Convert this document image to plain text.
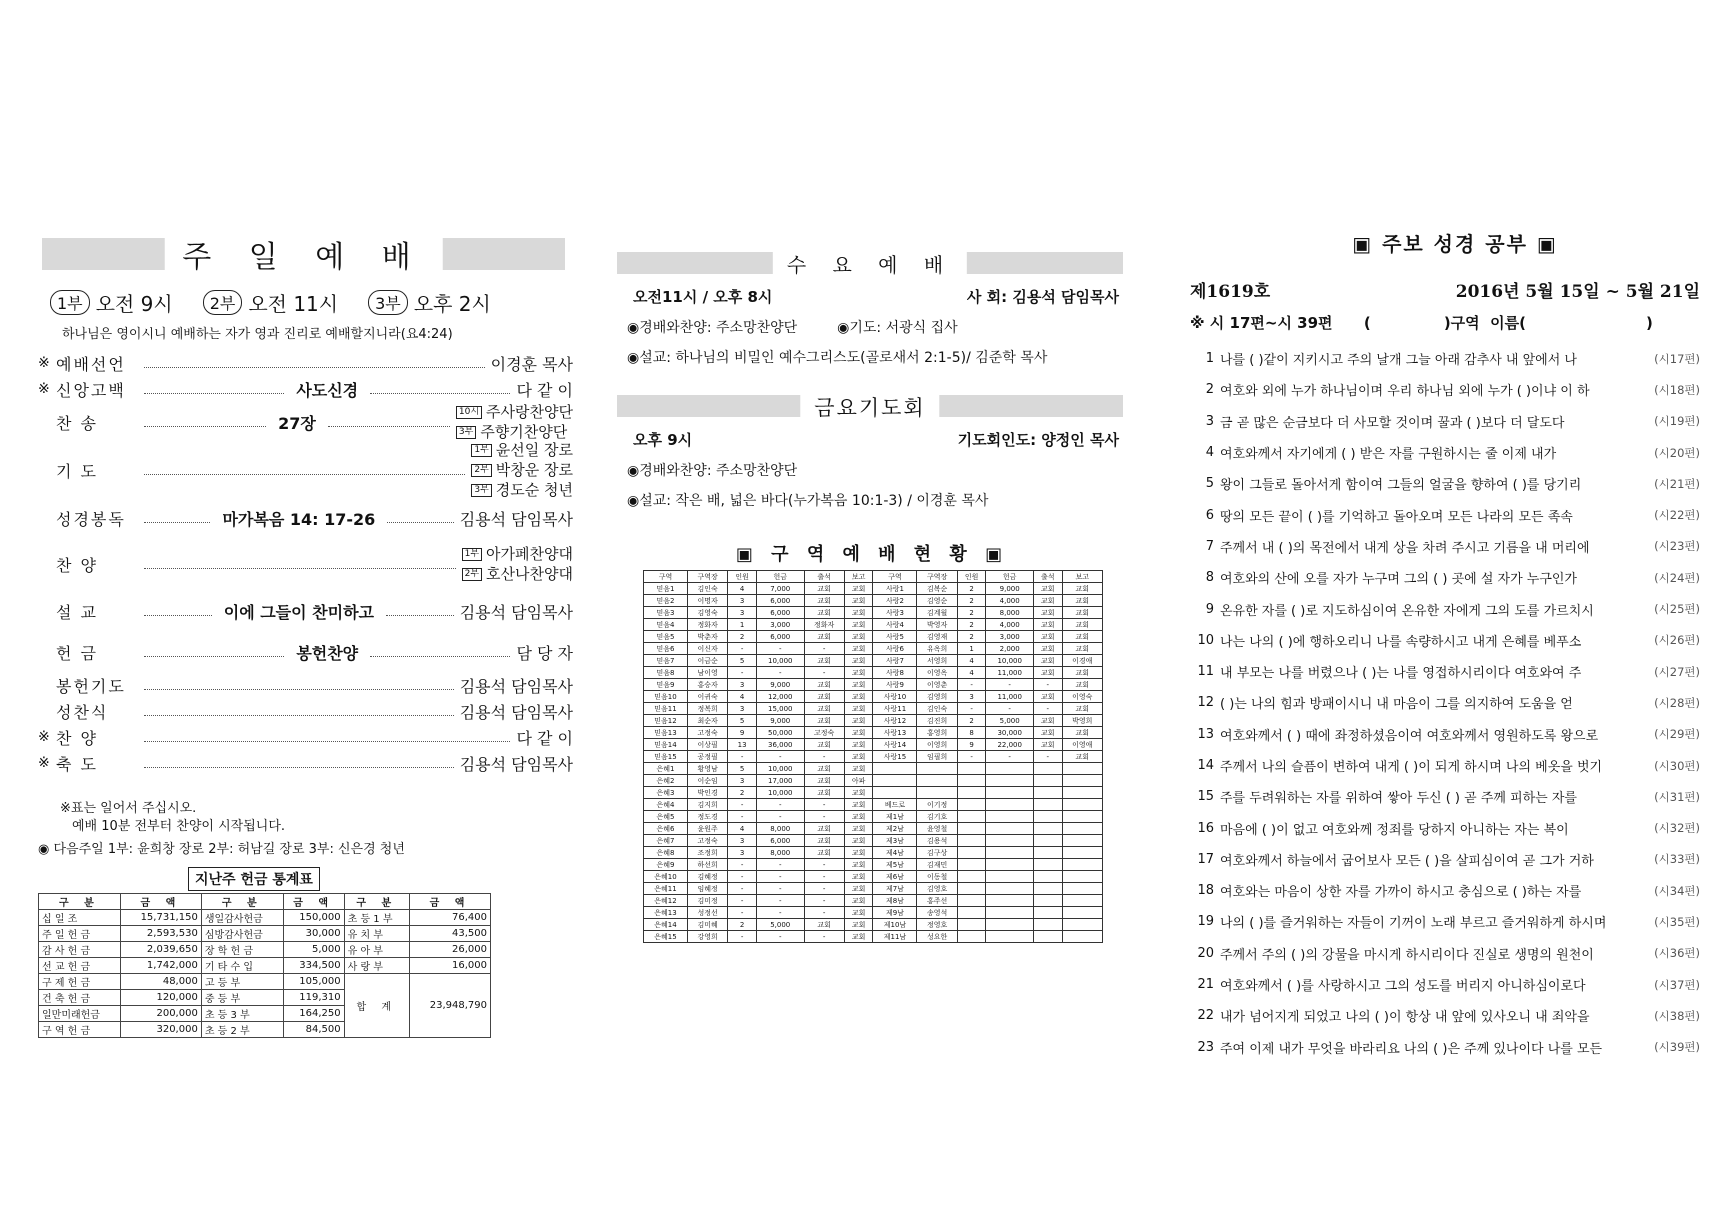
주 일 예 배
1부 오전 9시	2부 오전 11시	3부 오후 2시
하나님은 영이시니 예배하는 자가 영과 진리로 예배할지니라(요4:24)
※ 예배선언	이경훈 목사
※ 신앙고백	사도신경	다 같 이
찬 송	27장
10시 주사랑찬양단
3부 주향기찬양단
기 도
1부 윤선일 장로
2부 박창운 장로
3부 경도순 청년
성경봉독	마가복음 14: 17-26	김용석 담임목사
찬 양
1부 아가페찬양대
2부 호산나찬양대
설 교	이에 그들이 찬미하고	김용석 담임목사
헌 금	봉헌찬양	담 당 자
봉헌기도	김용석 담임목사
성찬식	김용석 담임목사
※ 찬 양	다 같 이
※ 축 도	김용석 담임목사
※표는 일어서 주십시오.
예배 10분 전부터 찬양이 시작됩니다.
◉ 다음주일 1부: 윤희창 장로 2부: 허남길 장로 3부: 신은경 청년
지난주 헌금 통계표
구 분	금 액	구 분	금 액	구 분	금 액
십 일 조	15,731,150	생일감사헌금	150,000	초 등 1 부	76,400
주 일 헌 금	2,593,530	심방감사헌금	30,000	유 치 부	43,500
감 사 헌 금	2,039,650	장 학 헌 금	5,000	유 아 부	26,000
선 교 헌 금	1,742,000	기 타 수 입	334,500	사 랑 부	16,000
구 제 헌 금	48,000	고 등 부	105,000	합 계	23,948,790
건 축 헌 금	120,000	중 등 부	119,310		
일만미래헌금	200,000	초 등 3 부	164,250		
구 역 헌 금	320,000	초 등 2 부	84,500		
수 요 예 배
오전11시 / 오후 8시	사 회: 김용석 담임목사
◉경배와찬양: 주소망찬양단	◉기도: 서광식 집사
◉설교: 하나님의 비밀인 예수그리스도(골로새서 2:1-5)/ 김준학 목사
금요기도회
오후 9시	기도회인도: 양정인 목사
◉경배와찬양: 주소망찬양단
◉설교: 작은 배, 넓은 바다(누가복음 10:1-3) / 이경훈 목사
▣ 구 역 예 배 현 황 ▣
구역	구역장	인원	헌금	출석	보고	구역	구역장	인원	헌금	출석	보고
믿음1	김인숙	4	7,000	교회	교회	사랑1	김복순	2	9,000	교회	교회
믿음2	이명자	3	6,000	교회	교회	사랑2	김영순	2	4,000	교회	교회
믿음3	김영숙	3	6,000	교회	교회	사랑3	김계월	2	8,000	교회	교회
믿음4	정화자	1	3,000	정화자	교회	사랑4	박영자	2	4,000	교회	교회
믿음5	박춘자	2	6,000	교회	교회	사랑5	김영재	2	3,000	교회	교회
믿음6	이신자	-	-	-	교회	사랑6	유옥희	1	2,000	교회	교회
믿음7	이금순	5	10,000	교회	교회	사랑7	서영희	4	10,000	교회	이경애
믿음8	남이영	-	-	-	교회	사랑8	이영옥	4	11,000	교회	교회
믿음9	홍승자	3	9,000	교회	교회	사랑9	이영춘	-	-	-	교회
믿음10	이귀숙	4	12,000	교회	교회	사랑10	김영희	3	11,000	교회	이영숙
믿음11	정복희	3	15,000	교회	교회	사랑11	김인숙	-	-	-	교회
믿음12	최순자	5	9,000	교회	교회	사랑12	김진희	2	5,000	교회	박영희
믿음13	고정숙	9	50,000	고정숙	교회	사랑13	홍영희	8	30,000	교회	교회
믿음14	이상필	13	36,000	교회	교회	사랑14	이영희	9	22,000	교회	이영애
믿음15	공정필	-	-	-	교회	사랑15	임필희	-	-	-	교회
은혜1	황영남	5	10,000	교회	교회						
은혜2	이순임	3	17,000	교회	아파						
은혜3	박인경	2	10,000	교회	교회						
은혜4	김지희	-	-	-	교회	베드로	이기정				
은혜5	정도경	-	-	-	교회	제1남	김기호				
은혜6	윤원주	4	8,000	교회	교회	제2남	윤영철				
은혜7	고정숙	3	6,000	교회	교회	제3남	김용석				
은혜8	조정희	3	8,000	교회	교회	제4남	김구상				
은혜9	하선희	-	-	-	교회	제5남	김재민				
은혜10	김혜정	-	-	-	교회	제6남	이동철				
은혜11	임혜정	-	-	-	교회	제7남	김영호				
은혜12	김미정	-	-	-	교회	제8남	홍주선				
은혜13	성정선	-	-	-	교회	제9남	송영석				
은혜14	김미혜	2	5,000	교회	교회	제10남	정영호				
은혜15	강영희	-	-	-	교회	제11남	성요한				
▣ 주보 성경 공부 ▣
제1619호	2016년 5월 15일 ~ 5월 21일
※ 시 17편~시 39편      (              )구역  이름(                       )
1 나를 ( )같이 지키시고 주의 날개 그늘 아래 감추사 내 앞에서 나	(시17편)
2 여호와 외에 누가 하나님이며 우리 하나님 외에 누가 ( )이냐 이 하	(시18편)
3 금 곧 많은 순금보다 더 사모할 것이며 꿀과 ( )보다 더 달도다	(시19편)
4 여호와께서 자기에게 ( ) 받은 자를 구원하시는 줄 이제 내가	(시20편)
5 왕이 그들로 돌아서게 함이여 그들의 얼굴을 향하여 ( )를 당기리	(시21편)
6 땅의 모든 끝이 ( )를 기억하고 돌아오며 모든 나라의 모든 족속	(시22편)
7 주께서 내 ( )의 목전에서 내게 상을 차려 주시고 기름을 내 머리에	(시23편)
8 여호와의 산에 오를 자가 누구며 그의 ( ) 곳에 설 자가 누구인가	(시24편)
9 온유한 자를 ( )로 지도하심이여 온유한 자에게 그의 도를 가르치시	(시25편)
10 나는 나의 ( )에 행하오리니 나를 속량하시고 내게 은혜를 베푸소	(시26편)
11 내 부모는 나를 버렸으나 ( )는 나를 영접하시리이다 여호와여 주	(시27편)
12 ( )는 나의 힘과 방패이시니 내 마음이 그를 의지하여 도움을 얻	(시28편)
13 여호와께서 ( ) 때에 좌정하셨음이여 여호와께서 영원하도록 왕으로	(시29편)
14 주께서 나의 슬픔이 변하여 내게 ( )이 되게 하시며 나의 베옷을 벗기	(시30편)
15 주를 두려워하는 자를 위하여 쌓아 두신 ( ) 곧 주께 피하는 자를	(시31편)
16 마음에 ( )이 없고 여호와께 정죄를 당하지 아니하는 자는 복이	(시32편)
17 여호와께서 하늘에서 굽어보사 모든 ( )을 살피심이여 곧 그가 거하	(시33편)
18 여호와는 마음이 상한 자를 가까이 하시고 충심으로 ( )하는 자를	(시34편)
19 나의 ( )를 즐거워하는 자들이 기꺼이 노래 부르고 즐거워하게 하시며	(시35편)
20 주께서 주의 ( )의 강물을 마시게 하시리이다 진실로 생명의 원천이	(시36편)
21 여호와께서 ( )를 사랑하시고 그의 성도를 버리지 아니하심이로다	(시37편)
22 내가 넘어지게 되었고 나의 ( )이 항상 내 앞에 있사오니 내 죄악을	(시38편)
23 주여 이제 내가 무엇을 바라리요 나의 ( )은 주께 있나이다 나를 모든	(시39편)
